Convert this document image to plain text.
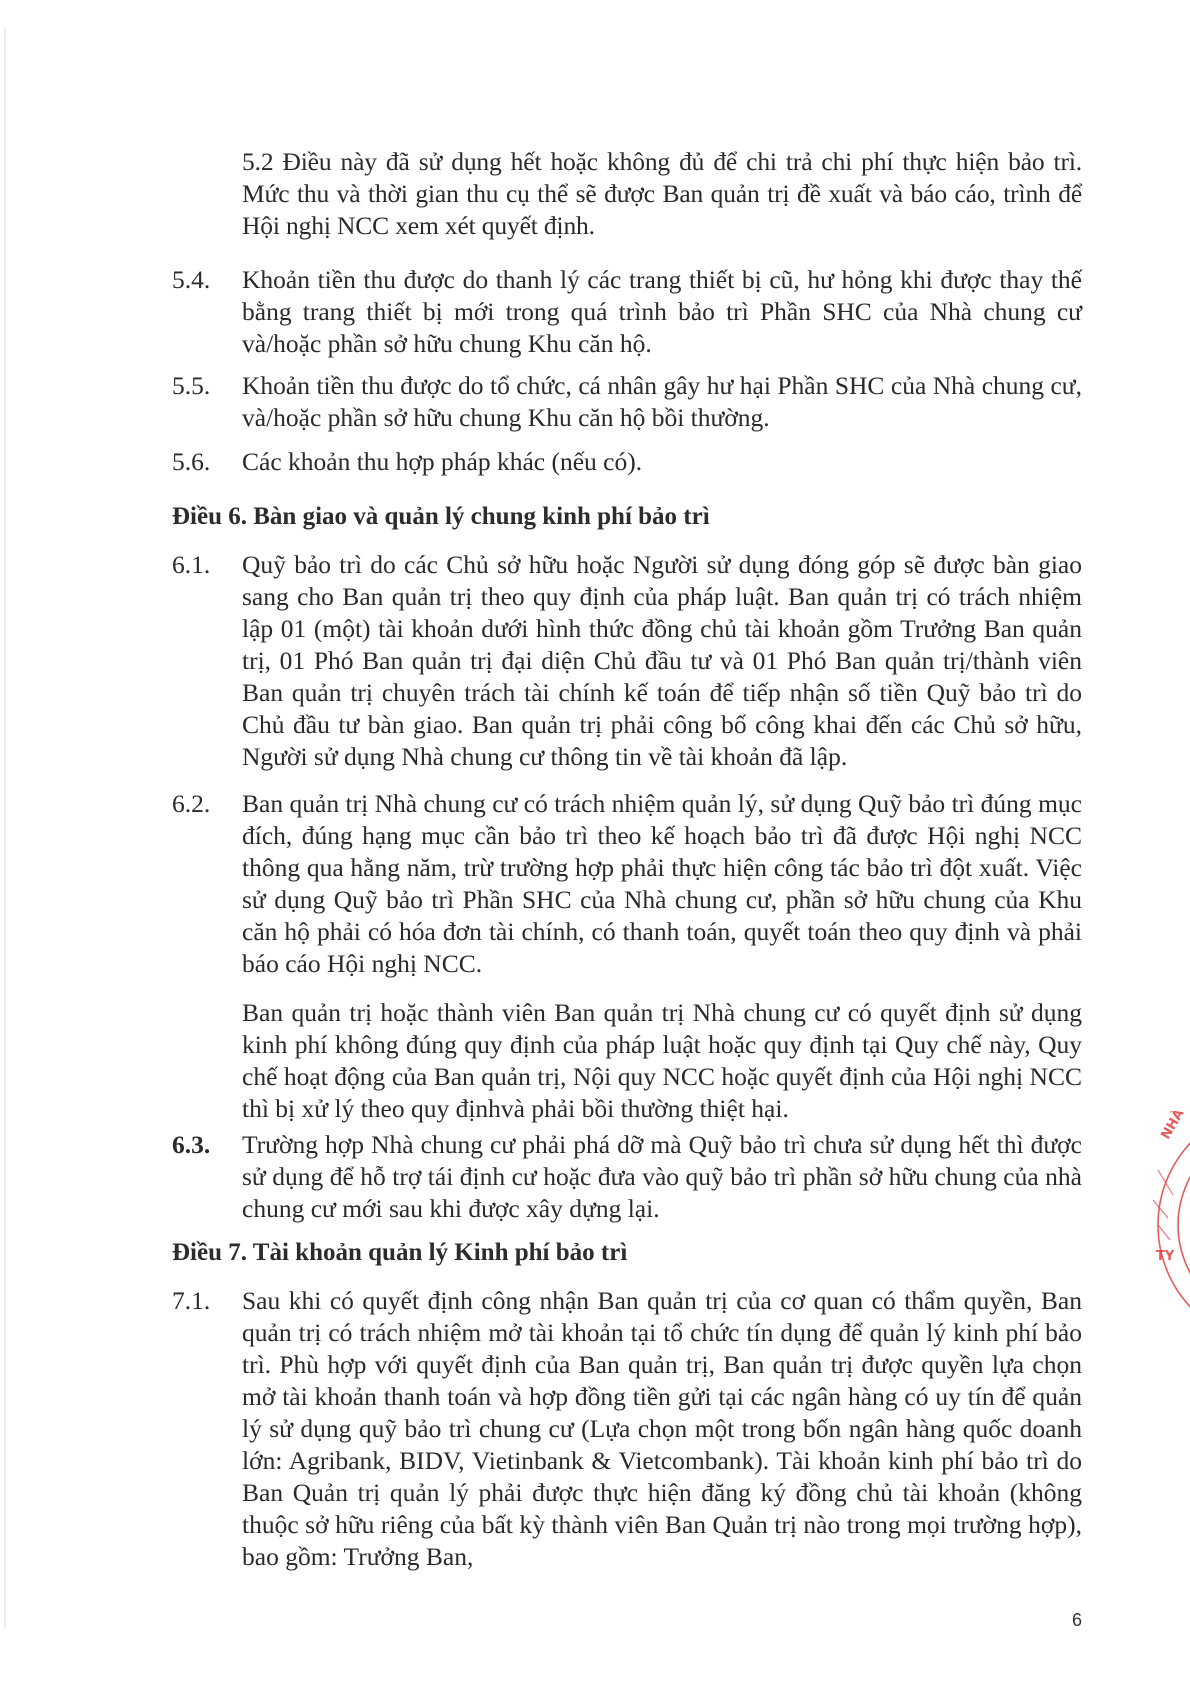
5.2 Điều này đã sử dụng hết hoặc không đủ để chi trả chi phí thực hiện bảo trì. Mức thu và thời gian thu cụ thể sẽ được Ban quản trị đề xuất và báo cáo, trình để Hội nghị NCC xem xét quyết định.
5.4. Khoản tiền thu được do thanh lý các trang thiết bị cũ, hư hỏng khi được thay thế bằng trang thiết bị mới trong quá trình bảo trì Phần SHC của Nhà chung cư và/hoặc phần sở hữu chung Khu căn hộ.
5.5. Khoản tiền thu được do tổ chức, cá nhân gây hư hại Phần SHC của Nhà chung cư, và/hoặc phần sở hữu chung Khu căn hộ bồi thường.
5.6. Các khoản thu hợp pháp khác (nếu có).
Điều 6. Bàn giao và quản lý chung kinh phí bảo trì
6.1. Quỹ bảo trì do các Chủ sở hữu hoặc Người sử dụng đóng góp sẽ được bàn giao sang cho Ban quản trị theo quy định của pháp luật. Ban quản trị có trách nhiệm lập 01 (một) tài khoản dưới hình thức đồng chủ tài khoản gồm Trưởng Ban quản trị, 01 Phó Ban quản trị đại diện Chủ đầu tư và 01 Phó Ban quản trị/thành viên Ban quản trị chuyên trách tài chính kế toán để tiếp nhận số tiền Quỹ bảo trì do Chủ đầu tư bàn giao. Ban quản trị phải công bố công khai đến các Chủ sở hữu, Người sử dụng Nhà chung cư thông tin về tài khoản đã lập.
6.2. Ban quản trị Nhà chung cư có trách nhiệm quản lý, sử dụng Quỹ bảo trì đúng mục đích, đúng hạng mục cần bảo trì theo kế hoạch bảo trì đã được Hội nghị NCC thông qua hằng năm, trừ trường hợp phải thực hiện công tác bảo trì đột xuất. Việc sử dụng Quỹ bảo trì Phần SHC của Nhà chung cư, phần sở hữu chung của Khu căn hộ phải có hóa đơn tài chính, có thanh toán, quyết toán theo quy định và phải báo cáo Hội nghị NCC.
Ban quản trị hoặc thành viên Ban quản trị Nhà chung cư có quyết định sử dụng kinh phí không đúng quy định của pháp luật hoặc quy định tại Quy chế này, Quy chế hoạt động của Ban quản trị, Nội quy NCC hoặc quyết định của Hội nghị NCC thì bị xử lý theo quy địnhvà phải bồi thường thiệt hại.
6.3. Trường hợp Nhà chung cư phải phá dỡ mà Quỹ bảo trì chưa sử dụng hết thì được sử dụng để hỗ trợ tái định cư hoặc đưa vào quỹ bảo trì phần sở hữu chung của nhà chung cư mới sau khi được xây dựng lại.
Điều 7. Tài khoản quản lý Kinh phí bảo trì
7.1. Sau khi có quyết định công nhận Ban quản trị của cơ quan có thẩm quyền, Ban quản trị có trách nhiệm mở tài khoản tại tổ chức tín dụng để quản lý kinh phí bảo trì. Phù hợp với quyết định của Ban quản trị, Ban quản trị được quyền lựa chọn mở tài khoản thanh toán và hợp đồng tiền gửi tại các ngân hàng có uy tín để quản lý sử dụng quỹ bảo trì chung cư (Lựa chọn một trong bốn ngân hàng quốc doanh lớn: Agribank, BIDV, Vietinbank & Vietcombank). Tài khoản kinh phí bảo trì do Ban Quản trị quản lý phải được thực hiện đăng ký đồng chủ tài khoản (không thuộc sở hữu riêng của bất kỳ thành viên Ban Quản trị nào trong mọi trường hợp), bao gồm: Trưởng Ban,
6
NHÀ
TY
